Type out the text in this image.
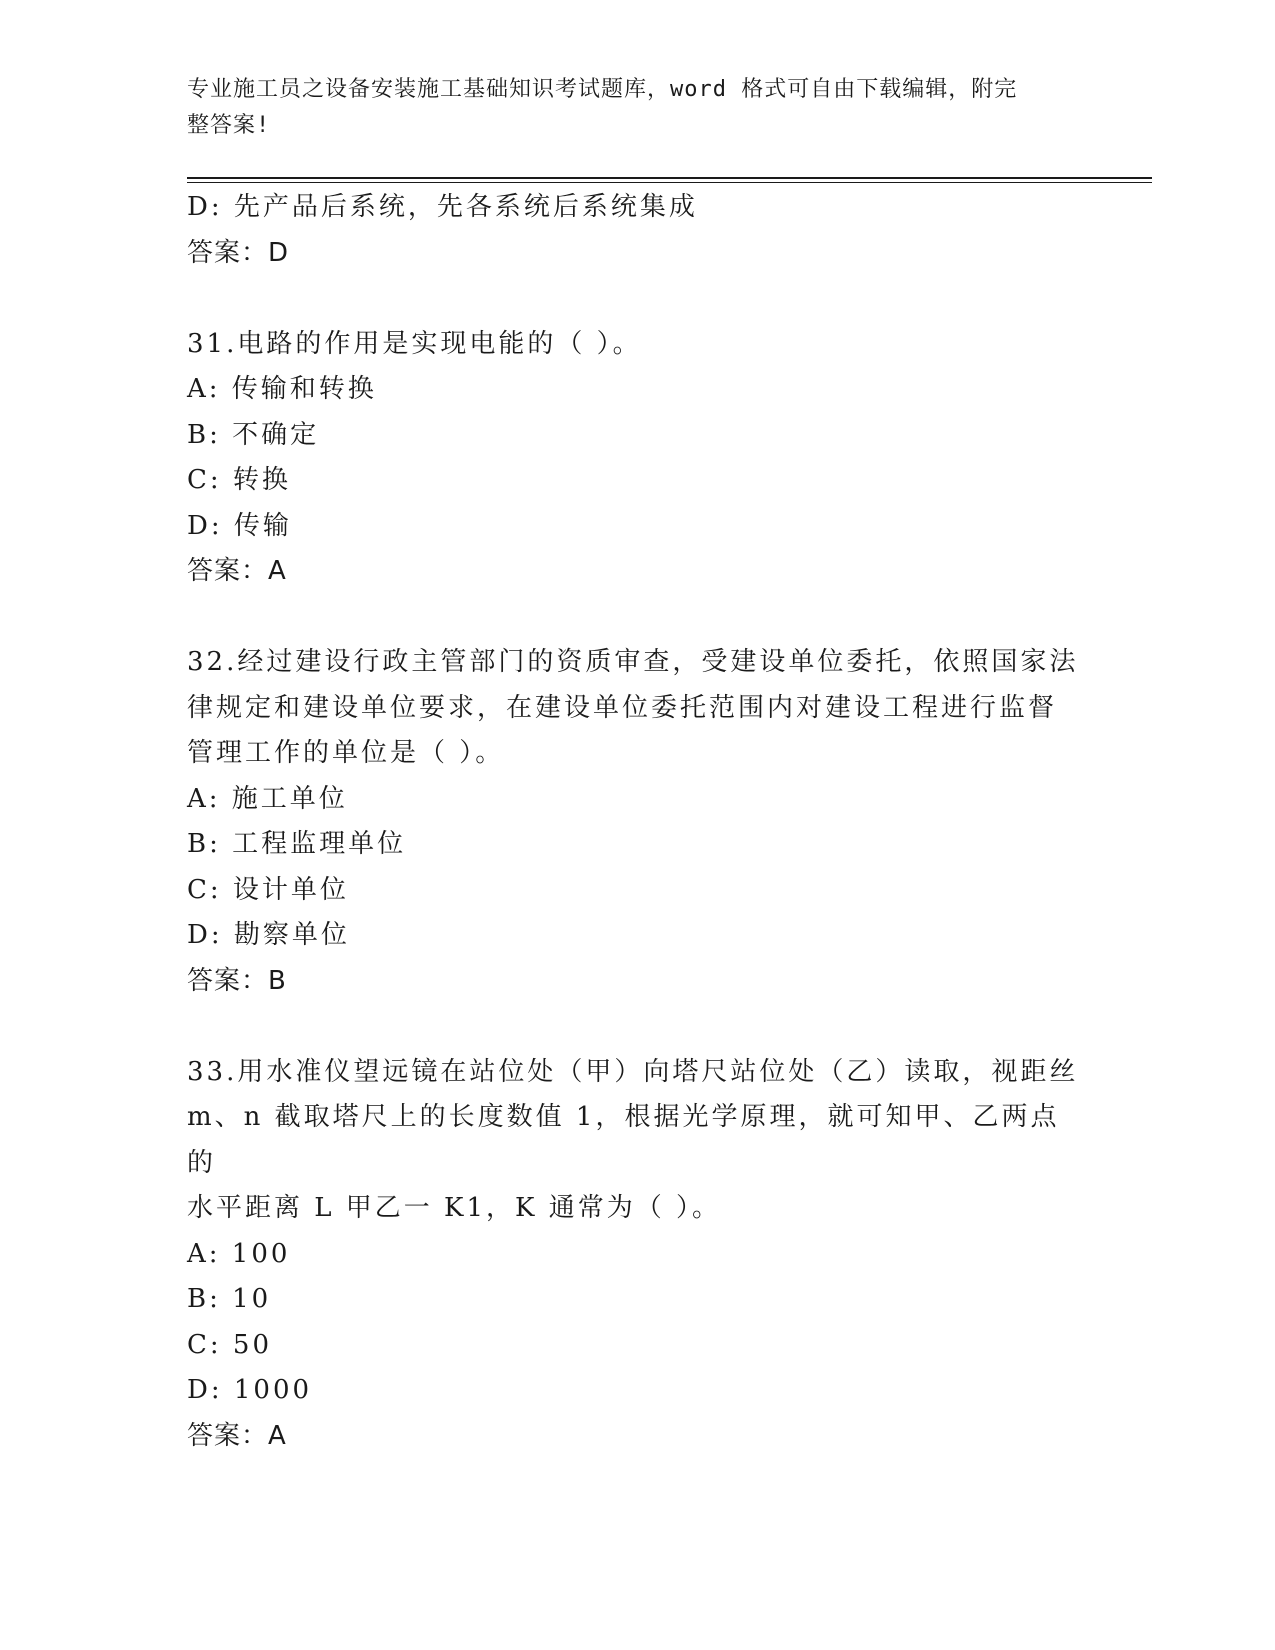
专业施工员之设备安装施工基础知识考试题库，word 格式可自由下载编辑，附完
整答案!
D: 先产品后系统，先各系统后系统集成
答案：D
31.电路的作用是实现电能的（ ）。
A: 传输和转换
B: 不确定
C: 转换
D: 传输
答案：A
32.经过建设行政主管部门的资质审查，受建设单位委托，依照国家法
律规定和建设单位要求，在建设单位委托范围内对建设工程进行监督
管理工作的单位是（ ）。
A: 施工单位
B: 工程监理单位
C: 设计单位
D: 勘察单位
答案：B
33.用水准仪望远镜在站位处（甲）向塔尺站位处（乙）读取，视距丝
m、n 截取塔尺上的长度数值 1，根据光学原理，就可知甲、乙两点的
水平距离 L 甲乙一 K1，K 通常为（ ）。
A: 100
B: 10
C: 50
D: 1000
答案：A
